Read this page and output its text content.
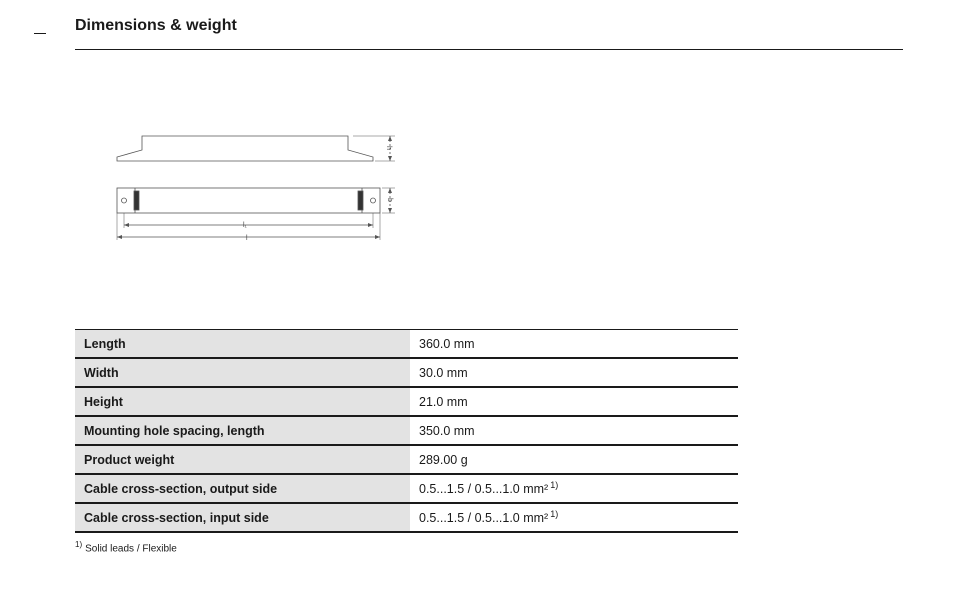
Dimensions & weight
h
b
l₁
l
Length	360.0 mm
Width	30.0 mm
Height	21.0 mm
Mounting hole spacing, length	350.0 mm
Product weight	289.00 g
Cable cross-section, output side	0.5...1.5 / 0.5...1.0 mm² $^{1)}$
Cable cross-section, input side	0.5...1.5 / 0.5...1.0 mm² $^{1)}$
$^{1)}$ Solid leads / Flexible
